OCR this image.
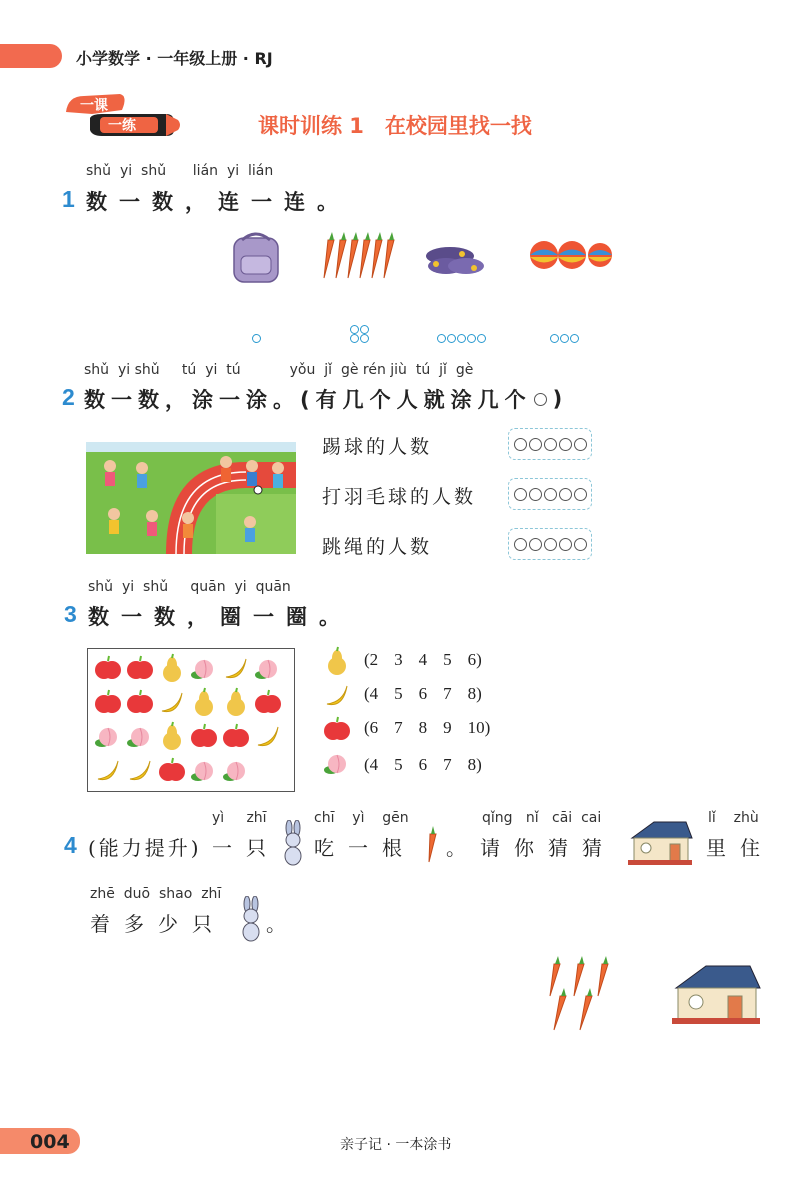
小学数学 · 一年级上册 · RJ
一课
一练	课时训练 1　在校园里找一找
shǔ yi shǔ lián yi lián
1 数一数，连一连。
shǔ yi shǔ tú yi tú	yǒu jǐ gè rén jiù tú jǐ gè
2 数一数，涂一涂。(有几个人就涂几个 )
踢球的人数
打羽毛球的人数
跳绳的人数
shǔ yi shǔ quān yi quān
3 数一数，圈一圈。
(2 3 4 5 6)
(4 5 6 7 8)
(6 7 8 9 10)
(4 5 6 7 8)
yì zhī	chī yì gēn	qǐng nǐ cāi cai	lǐ zhù
4 (能力提升) 一只 吃一根 。请你猜猜	里住
zhē duō shao zhī
着多少只 。
004	亲子记 · 一本涂书
